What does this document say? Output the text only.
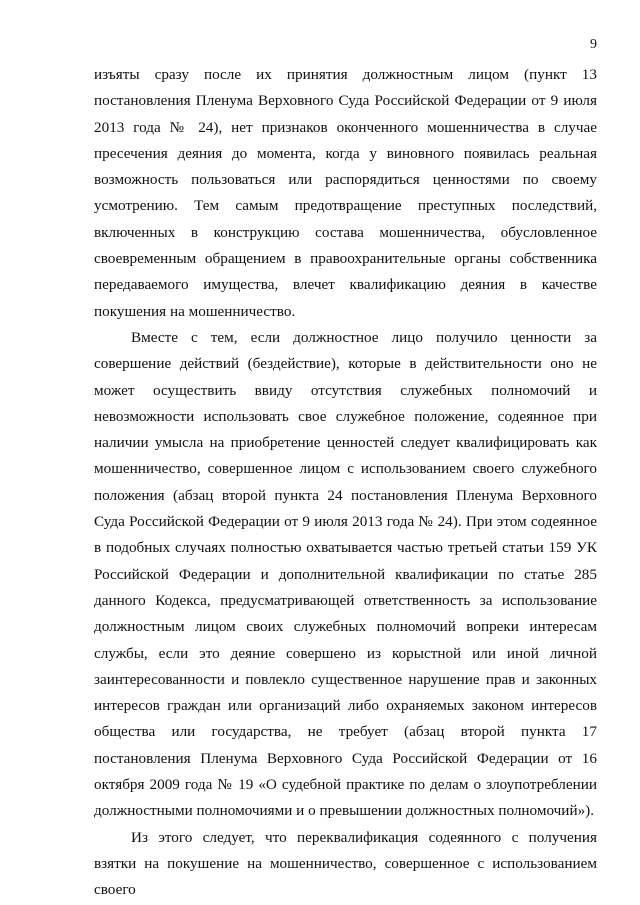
9

изъяты сразу после их принятия должностным лицом (пункт 13 постановления Пленума Верховного Суда Российской Федерации от 9 июля 2013 года № 24), нет признаков оконченного мошенничества в случае пресечения деяния до момента, когда у виновного появилась реальная возможность пользоваться или распорядиться ценностями по своему усмотрению. Тем самым предотвращение преступных последствий, включенных в конструкцию состава мошенничества, обусловленное своевременным обращением в правоохранительные органы собственника передаваемого имущества, влечет квалификацию деяния в качестве покушения на мошенничество.

Вместе с тем, если должностное лицо получило ценности за совершение действий (бездействие), которые в действительности оно не может осуществить ввиду отсутствия служебных полномочий и невозможности использовать свое служебное положение, содеянное при наличии умысла на приобретение ценностей следует квалифицировать как мошенничество, совершенное лицом с использованием своего служебного положения (абзац второй пункта 24 постановления Пленума Верховного Суда Российской Федерации от 9 июля 2013 года № 24). При этом содеянное в подобных случаях полностью охватывается частью третьей статьи 159 УК Российской Федерации и дополнительной квалификации по статье 285 данного Кодекса, предусматривающей ответственность за использование должностным лицом своих служебных полномочий вопреки интересам службы, если это деяние совершено из корыстной или иной личной заинтересованности и повлекло существенное нарушение прав и законных интересов граждан или организаций либо охраняемых законом интересов общества или государства, не требует (абзац второй пункта 17 постановления Пленума Верховного Суда Российской Федерации от 16 октября 2009 года № 19 «О судебной практике по делам о злоупотреблении должностными полномочиями и о превышении должностных полномочий»).

Из этого следует, что переквалификация содеянного с получения взятки на покушение на мошенничество, совершенное с использованием своего
